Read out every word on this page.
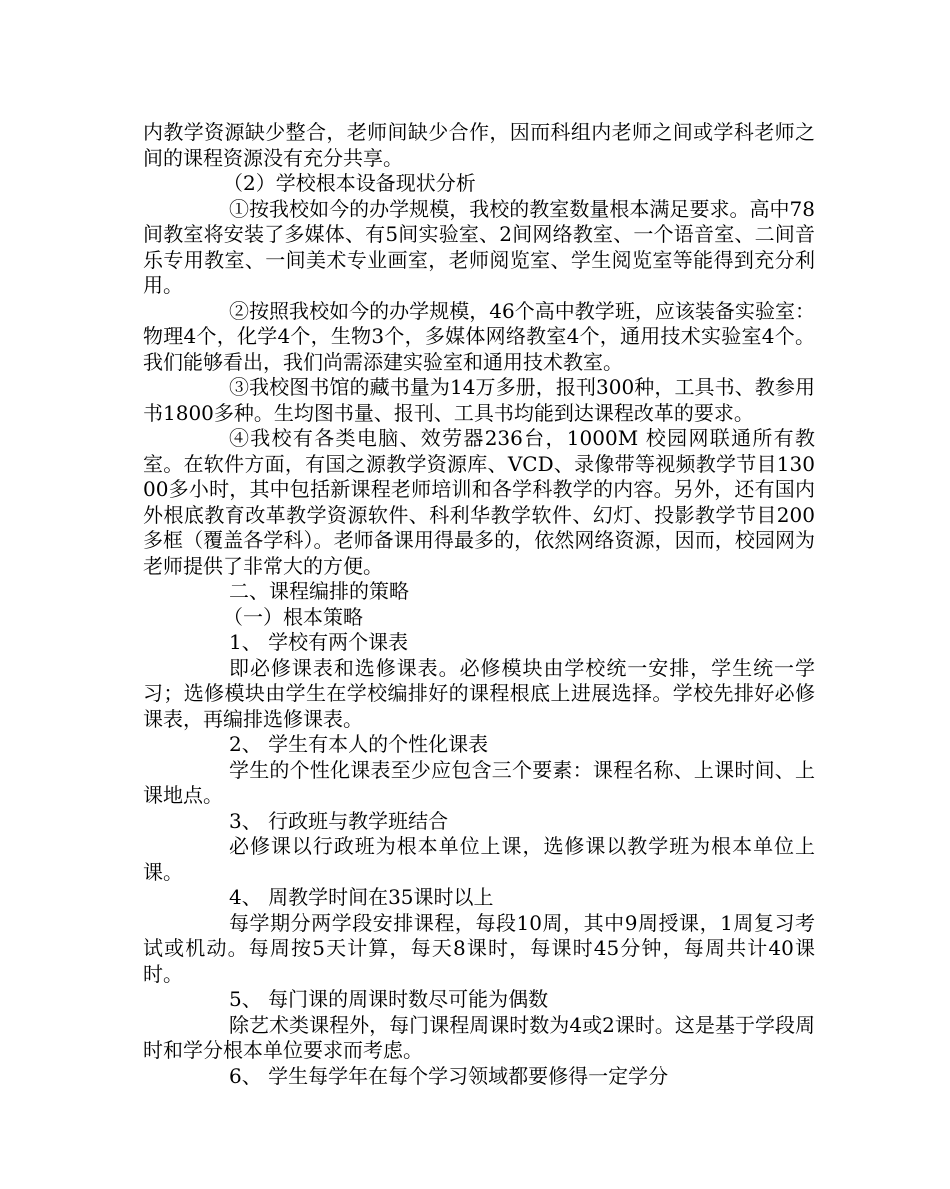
内教学资源缺少整合，老师间缺少合作，因而科组内老师之间或学科老师之间的课程资源没有充分共享。

（2）学校根本设备现状分析

①按我校如今的办学规模，我校的教室数量根本满足要求。高中78间教室将安装了多媒体、有5间实验室、2间网络教室、一个语音室、二间音乐专用教室、一间美术专业画室，老师阅览室、学生阅览室等能得到充分利用。

②按照我校如今的办学规模，46个高中教学班，应该装备实验室：物理4个，化学4个，生物3个，多媒体网络教室4个，通用技术实验室4个。我们能够看出，我们尚需添建实验室和通用技术教室。

③我校图书馆的藏书量为14万多册，报刊300种，工具书、教参用书1800多种。生均图书量、报刊、工具书均能到达课程改革的要求。

④我校有各类电脑、效劳器236台，1000M 校园网联通所有教室。在软件方面，有国之源教学资源库、VCD、录像带等视频教学节目13000多小时，其中包括新课程老师培训和各学科教学的内容。另外，还有国内外根底教育改革教学资源软件、科利华教学软件、幻灯、投影教学节目200多框（覆盖各学科）。老师备课用得最多的，依然网络资源，因而，校园网为老师提供了非常大的方便。

二、课程编排的策略

（一）根本策略

1、 学校有两个课表

即必修课表和选修课表。必修模块由学校统一安排，学生统一学习；选修模块由学生在学校编排好的课程根底上进展选择。学校先排好必修课表，再编排选修课表。

2、 学生有本人的个性化课表

学生的个性化课表至少应包含三个要素：课程名称、上课时间、上课地点。

3、 行政班与教学班结合

必修课以行政班为根本单位上课，选修课以教学班为根本单位上课。

4、 周教学时间在35课时以上

每学期分两学段安排课程，每段10周，其中9周授课，1周复习考试或机动。每周按5天计算，每天8课时，每课时45分钟，每周共计40课时。

5、 每门课的周课时数尽可能为偶数

除艺术类课程外，每门课程周课时数为4或2课时。这是基于学段周时和学分根本单位要求而考虑。

6、 学生每学年在每个学习领域都要修得一定学分
